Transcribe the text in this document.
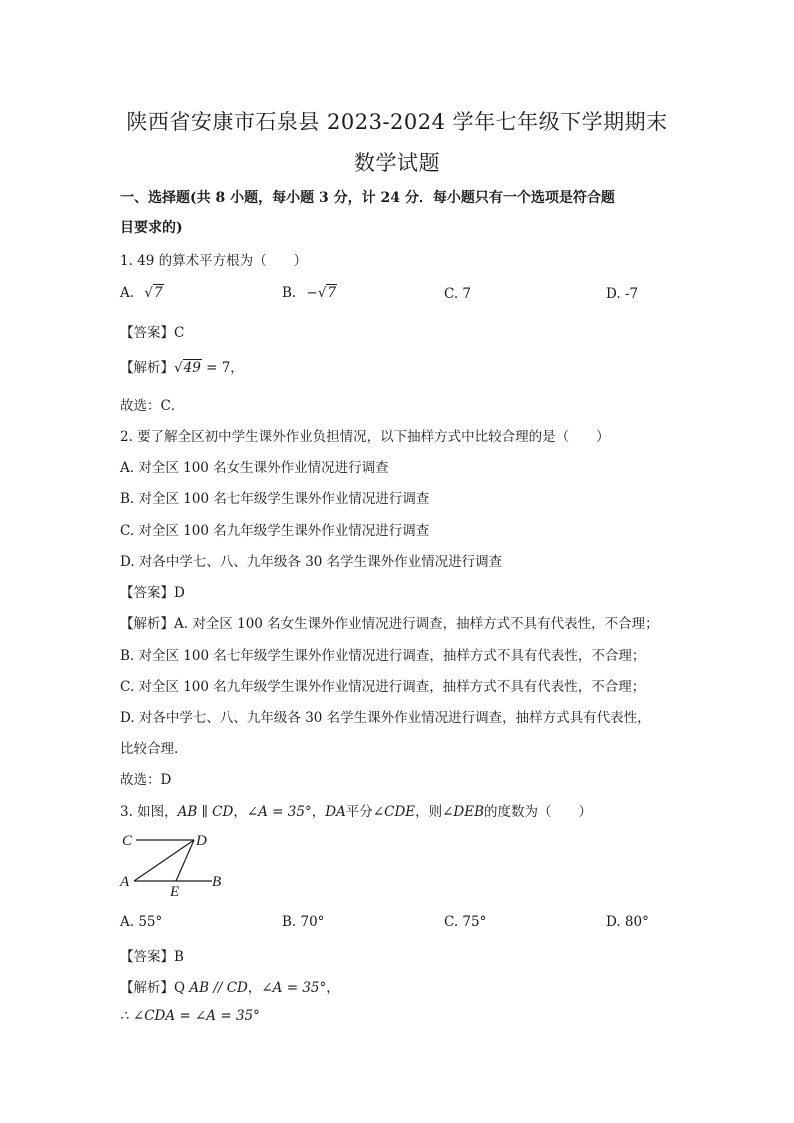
陕西省安康市石泉县 2023-2024 学年七年级下学期期末
数学试题
一、选择题(共 8 小题，每小题 3 分，计 24 分．每小题只有一个选项是符合题
目要求的)
1. 49 的算术平方根为（　　）
A. √7	B. −√7	C. 7	D. -7
【答案】C
【解析】√49 = 7，
故选：C．
2. 要了解全区初中学生课外作业负担情况，以下抽样方式中比较合理的是（　　）
A. 对全区 100 名女生课外作业情况进行调查
B. 对全区 100 名七年级学生课外作业情况进行调查
C. 对全区 100 名九年级学生课外作业情况进行调查
D. 对各中学七、八、九年级各 30 名学生课外作业情况进行调查
【答案】D
【解析】A. 对全区 100 名女生课外作业情况进行调查，抽样方式不具有代表性，不合理；
B. 对全区 100 名七年级学生课外作业情况进行调查，抽样方式不具有代表性，不合理；
C. 对全区 100 名九年级学生课外作业情况进行调查，抽样方式不具有代表性，不合理；
D. 对各中学七、八、九年级各 30 名学生课外作业情况进行调查，抽样方式具有代表性，
比较合理.
故选：D
3. 如图，AB ∥ CD，∠A = 35°，DA平分∠CDE，则∠DEB的度数为（　　）
C	D
A
E
B
A. 55°	B. 70°	C. 75°	D. 80°
【答案】B
【解析】Q AB // CD，∠A = 35°，
∴ ∠CDA = ∠A = 35°
